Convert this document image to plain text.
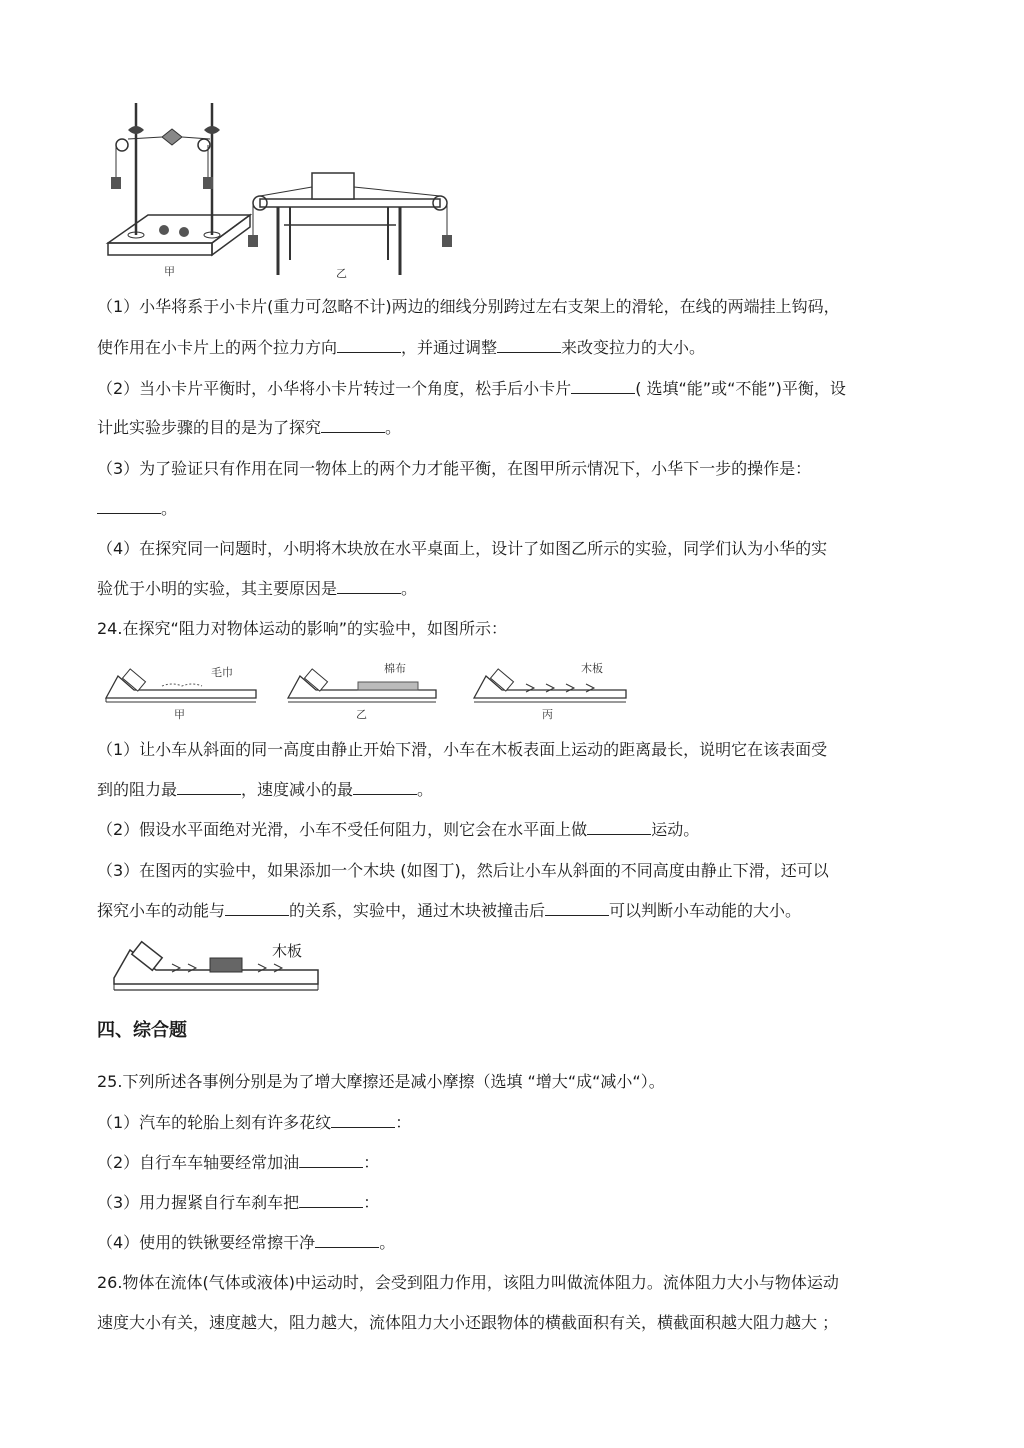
甲	乙
（1）小华将系于小卡片(重力可忽略不计)两边的细线分别跨过左右支架上的滑轮，在线的两端挂上钩码，
使作用在小卡片上的两个拉力方向	，并通过调整	来改变拉力的大小。
（2）当小卡片平衡时，小华将小卡片转过一个角度，松手后小卡片	( 选填“能”或“不能”)平衡，设
计此实验步骤的目的是为了探究	。
（3）为了验证只有作用在同一物体上的两个力才能平衡，在图甲所示情况下，小华下一步的操作是：
。
（4）在探究同一问题时，小明将木块放在水平桌面上，设计了如图乙所示的实验，同学们认为小华的实
验优于小明的实验，其主要原因是	。
24.在探究“阻力对物体运动的影响”的实验中，如图所示：
毛巾
甲
棉布
乙
木板
丙
（1）让小车从斜面的同一高度由静止开始下滑，小车在木板表面上运动的距离最长，说明它在该表面受
到的阻力最	，速度减小的最	。
（2）假设水平面绝对光滑，小车不受任何阻力，则它会在水平面上做	运动。
（3）在图丙的实验中，如果添加一个木块 (如图丁)，然后让小车从斜面的不同高度由静止下滑，还可以
探究小车的动能与	的关系，实验中，通过木块被撞击后	可以判断小车动能的大小。
木板
四、综合题
25.下列所述各事例分别是为了增大摩擦还是减小摩擦（选填 “增大“成“减小“）。
（1）汽车的轮胎上刻有许多花纹	：
（2）自行车车轴要经常加油	：
（3）用力握紧自行车刹车把	：
（4）使用的铁锹要经常擦干净	。
26.物体在流体(气体或液体)中运动时，会受到阻力作用，该阻力叫做流体阻力。流体阻力大小与物体运动
速度大小有关，速度越大，阻力越大，流体阻力大小还跟物体的横截面积有关，横截面积越大阻力越大 ；
